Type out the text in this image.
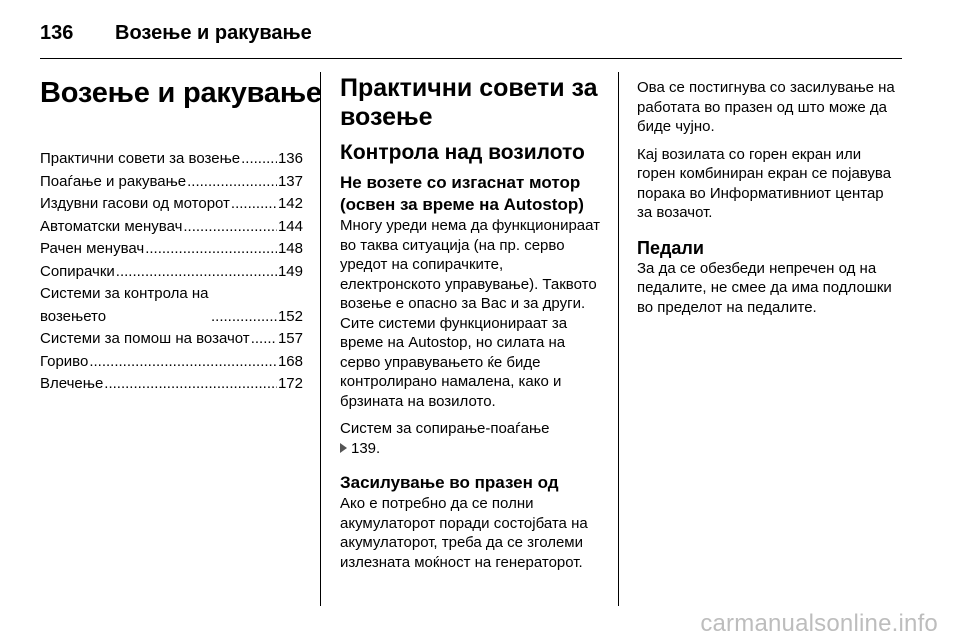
136	Возење и ракување
Возење и ракување
Практични совети за возење .....	136
Поаѓање и ракување .....	137
Издувни гасови од моторот .....	142
Автоматски менувач .....	144
Рачен менувач .....	148
Сопирачки .....	149
Системи за контрола на возењето .....	152
Системи за помош на возачот ..... 157
Гориво .....	168
Влечење .....	172
Практични совети за возење
Контрола над возилото
Не возете со изгаснат мотор (освен за време на Autostop)

Многу уреди нема да функционираат во таква ситуација (на пр. серво уредот на сопирачките, електронското управување). Таквото возење е опасно за Вас и за други. Сите системи функционираат за време на Autostop, но силата на серво управувањето ќе биде контролирано намалена, како и брзината на возилото.

Систем за сопирање-поаѓање
139.

Засилување во празен од

Ако е потребно да се полни акумулаторот поради состојбата на акумулаторот, треба да се зголеми излезната моќност на генераторот.

Ова се постигнува со засилување на работата во празен од што може да биде чујно.

Кај возилата со горен екран или горен комбиниран екран се појавува порака во Информативниот центар за возачот.

Педали

За да се обезбеди непречен од на педалите, не смее да има подлошки во пределот на педалите.

carmanualsonline.info
